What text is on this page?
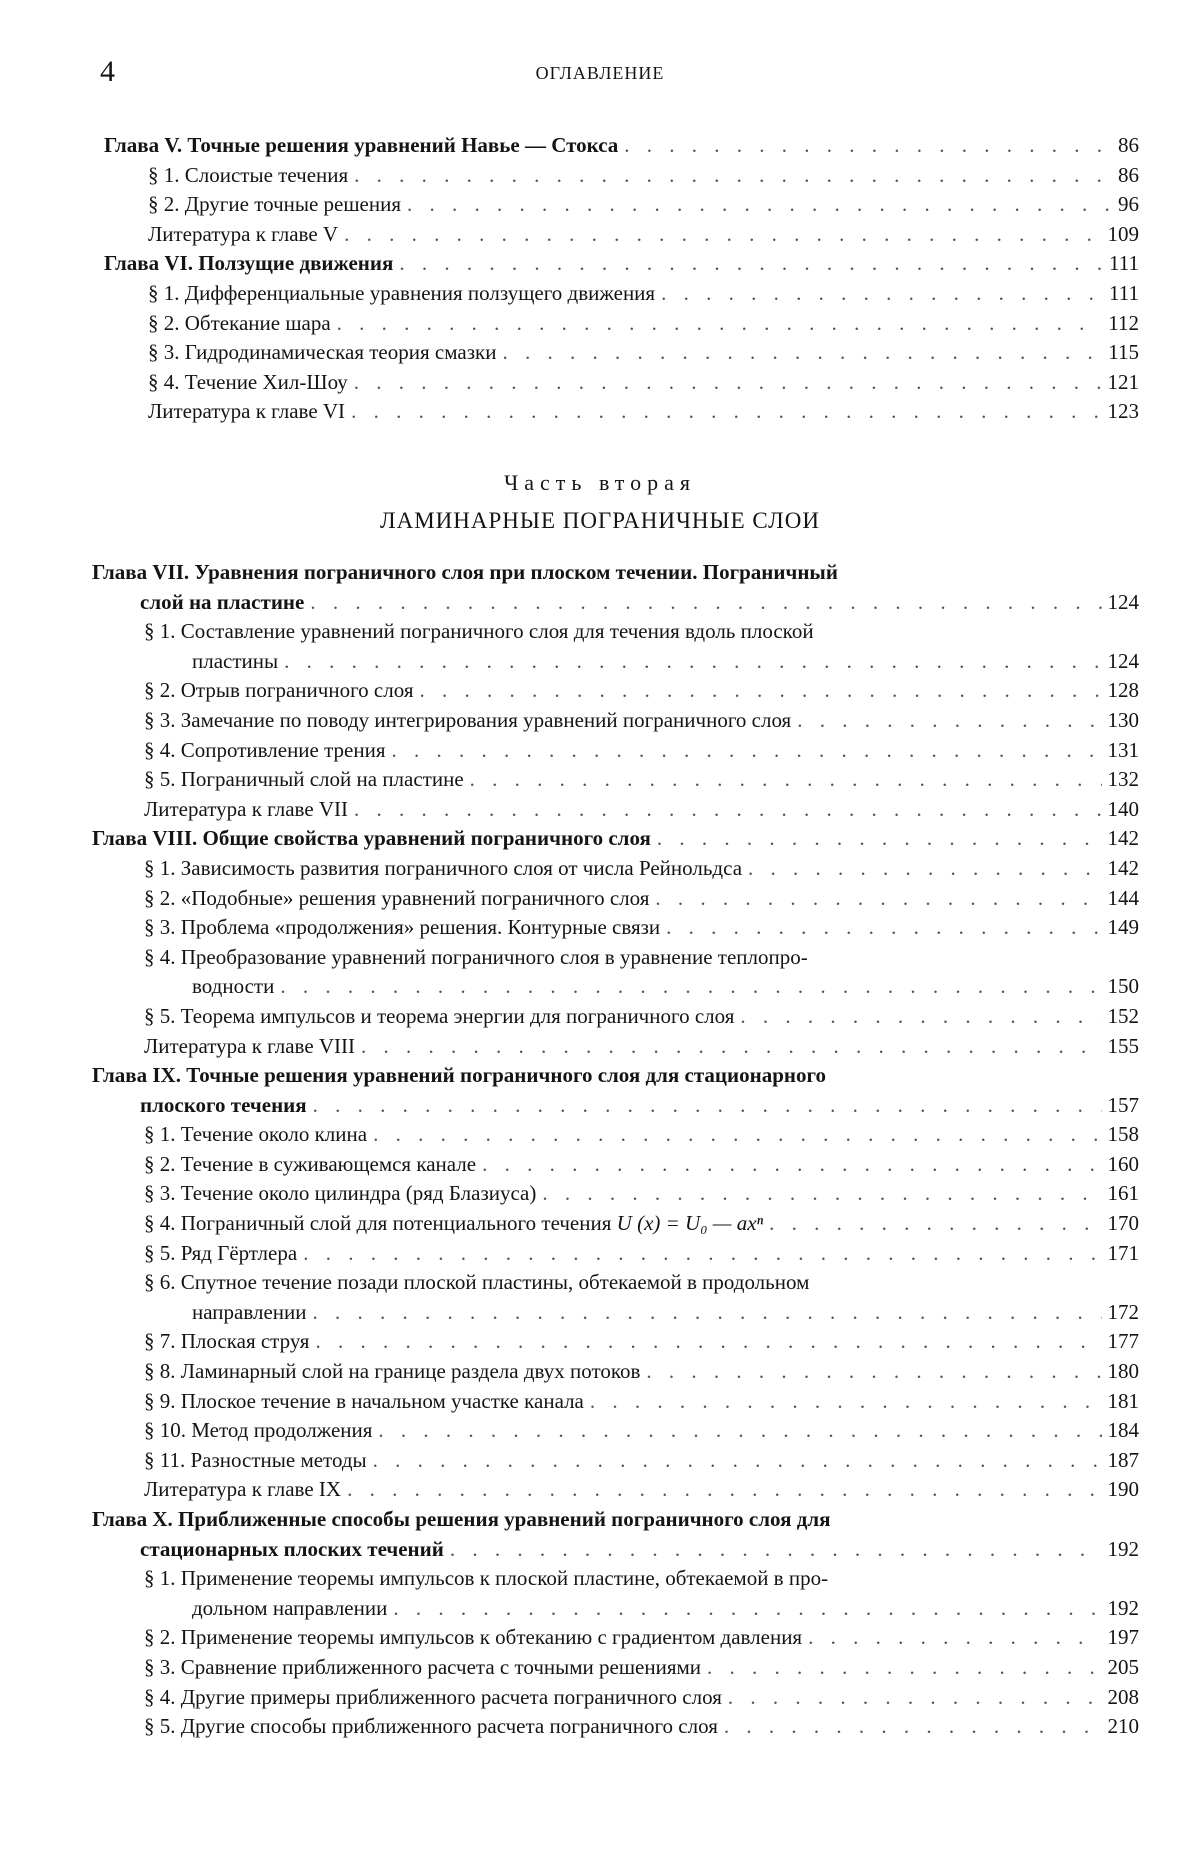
4	ОГЛАВЛЕНИЕ
Глава V. Точные решения уравнений Навье — Стокса . . .	86
§ 1. Слоистые течения . . .	86
§ 2. Другие точные решения . . .	96
Литература к главе V . . .	109
Глава VI. Ползущие движения . . .	111
§ 1. Дифференциальные уравнения ползущего движения . . .	111
§ 2. Обтекание шара . . .	112
§ 3. Гидродинамическая теория смазки . . .	115
§ 4. Течение Хил-Шоу . . .	121
Литература к главе VI . . .	123
Часть вторая
ЛАМИНАРНЫЕ ПОГРАНИЧНЫЕ СЛОИ
Глава VII. Уравнения пограничного слоя при плоском течении. Пограничный
слой на пластине . . .	124
§ 1. Составление уравнений пограничного слоя для течения вдоль плоской
пластины . . .	124
§ 2. Отрыв пограничного слоя . . .	128
§ 3. Замечание по поводу интегрирования уравнений пограничного слоя . . .	130
§ 4. Сопротивление трения . . .	131
§ 5. Пограничный слой на пластине . . .	132
Литература к главе VII . . .	140
Глава VIII. Общие свойства уравнений пограничного слоя . . .	142
§ 1. Зависимость развития пограничного слоя от числа Рейнольдса . . .	142
§ 2. «Подобные» решения уравнений пограничного слоя . . .	144
§ 3. Проблема «продолжения» решения. Контурные связи . . .	149
§ 4. Преобразование уравнений пограничного слоя в уравнение теплопро-
водности . . .	150
§ 5. Теорема импульсов и теорема энергии для пограничного слоя . . .	152
Литература к главе VIII . . .	155
Глава IX. Точные решения уравнений пограничного слоя для стационарного
плоского течения . . .	157
§ 1. Течение около клина . . .	158
§ 2. Течение в суживающемся канале . . .	160
§ 3. Течение около цилиндра (ряд Блазиуса) . . .	161
§ 4. Пограничный слой для потенциального течения
U (x) = U₀ — axⁿ . . .	170
§ 5. Ряд Гёртлера . . .	171
§ 6. Спутное течение позади плоской пластины, обтекаемой в продольном
направлении . . .	172
§ 7. Плоская струя . . .	177
§ 8. Ламинарный слой на границе раздела двух потоков . . .	180
§ 9. Плоское течение в начальном участке канала . . .	181
§ 10. Метод продолжения . . .	184
§ 11. Разностные методы . . .	187
Литература к главе IX . . .	190
Глава X. Приближенные способы решения уравнений пограничного слоя для
стационарных плоских течений . . .	192
§ 1. Применение теоремы импульсов к плоской пластине, обтекаемой в про-
дольном направлении . . .	192
§ 2. Применение теоремы импульсов к обтеканию с градиентом давления . . .	197
§ 3. Сравнение приближенного расчета с точными решениями . . .	205
§ 4. Другие примеры приближенного расчета пограничного слоя . . .	208
§ 5. Другие способы приближенного расчета пограничного слоя . . .	210
